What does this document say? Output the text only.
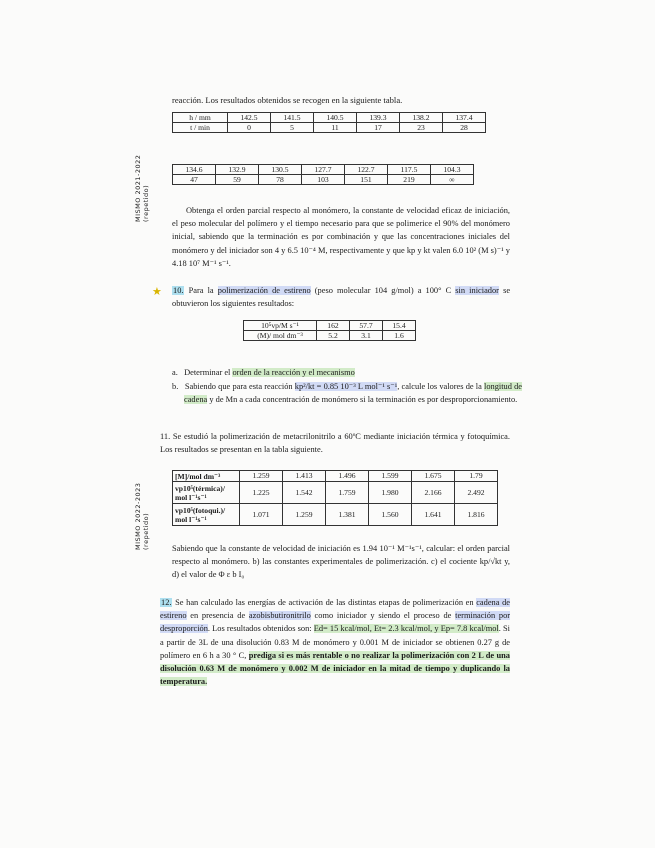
reacción. Los resultados obtenidos se recogen en la siguiente tabla.
h / mm	142.5	141.5	140.5	139.3	138.2	137.4
t / min	0	5	11	17	23	28
134.6	132.9	130.5	127.7	122.7	117.5	104.3
47	59	78	103	151	219	∞
MISMO 2021-2022 (repetido)	Obtenga el orden parcial respecto al monómero, la constante de velocidad eficaz de iniciación, el peso molecular del polímero y el tiempo necesario para que se polimerice el 90% del monómero inicial, sabiendo que la terminación es por combinación y que las concentraciones iniciales del monómero y del iniciador son 4 y 6.5 10⁻⁴ M, respectivamente y que kp y kt valen 6.0 10² (M s)⁻¹ y 4.18 10⁷ M⁻¹ s⁻¹.
★ 10. Para la polimerización de estireno (peso molecular 104 g/mol) a 100° C sin iniciador se obtuvieron los siguientes resultados:
10⁵vp/M s⁻¹	162	57.7	15.4
(M)/ mol dm⁻³	5.2	3.1	1.6
a. Determinar el orden de la reacción y el mecanismo
b. Sabiendo que para esta reacción kp²/kt = 0.85 10⁻³ L mol⁻¹ s⁻¹, calcule los valores de la longitud de cadena y de Mn a cada concentración de monómero si la terminación es por desproporcionamiento.
11. Se estudió la polimerización de metacrilonitrilo a 60ºC mediante iniciación térmica y fotoquímica. Los resultados se presentan en la tabla siguiente.
MISMO 2022-2023 (repetido)
[M]/mol dm⁻³	1.259	1.413	1.496	1.599	1.675	1.79
vp10⁵(térmica)/ mol l⁻¹s⁻¹	1.225	1.542	1.759	1.980	2.166	2.492
vp10⁵(fotoqui.)/ mol l⁻¹s⁻¹	1.071	1.259	1.381	1.560	1.641	1.816
Sabiendo que la constante de velocidad de iniciación es 1.94 10⁻¹ M⁻¹s⁻¹, calcular: el orden parcial respecto al monómero. b) las constantes experimentales de polimerización. c) el cociente kp/√kt y, d) el valor de Φ ε b I₀
12. Se han calculado las energías de activación de las distintas etapas de polimerización en cadena de estireno en presencia de azobisbutironitrilo como iniciador y siendo el proceso de terminación por desproporción. Los resultados obtenidos son: Ed= 15 kcal/mol, Et= 2.3 kcal/mol, y Ep= 7.8 kcal/mol. Si a partir de 3L de una disolución 0.83 M de monómero y 0.001 M de iniciador se obtienen 0.27 g de polímero en 6 h a 30 ° C, prediga si es más rentable o no realizar la polimerización con 2 L de una disolución 0.63 M de monómero y 0.002 M de iniciador en la mitad de tiempo y duplicando la temperatura.
